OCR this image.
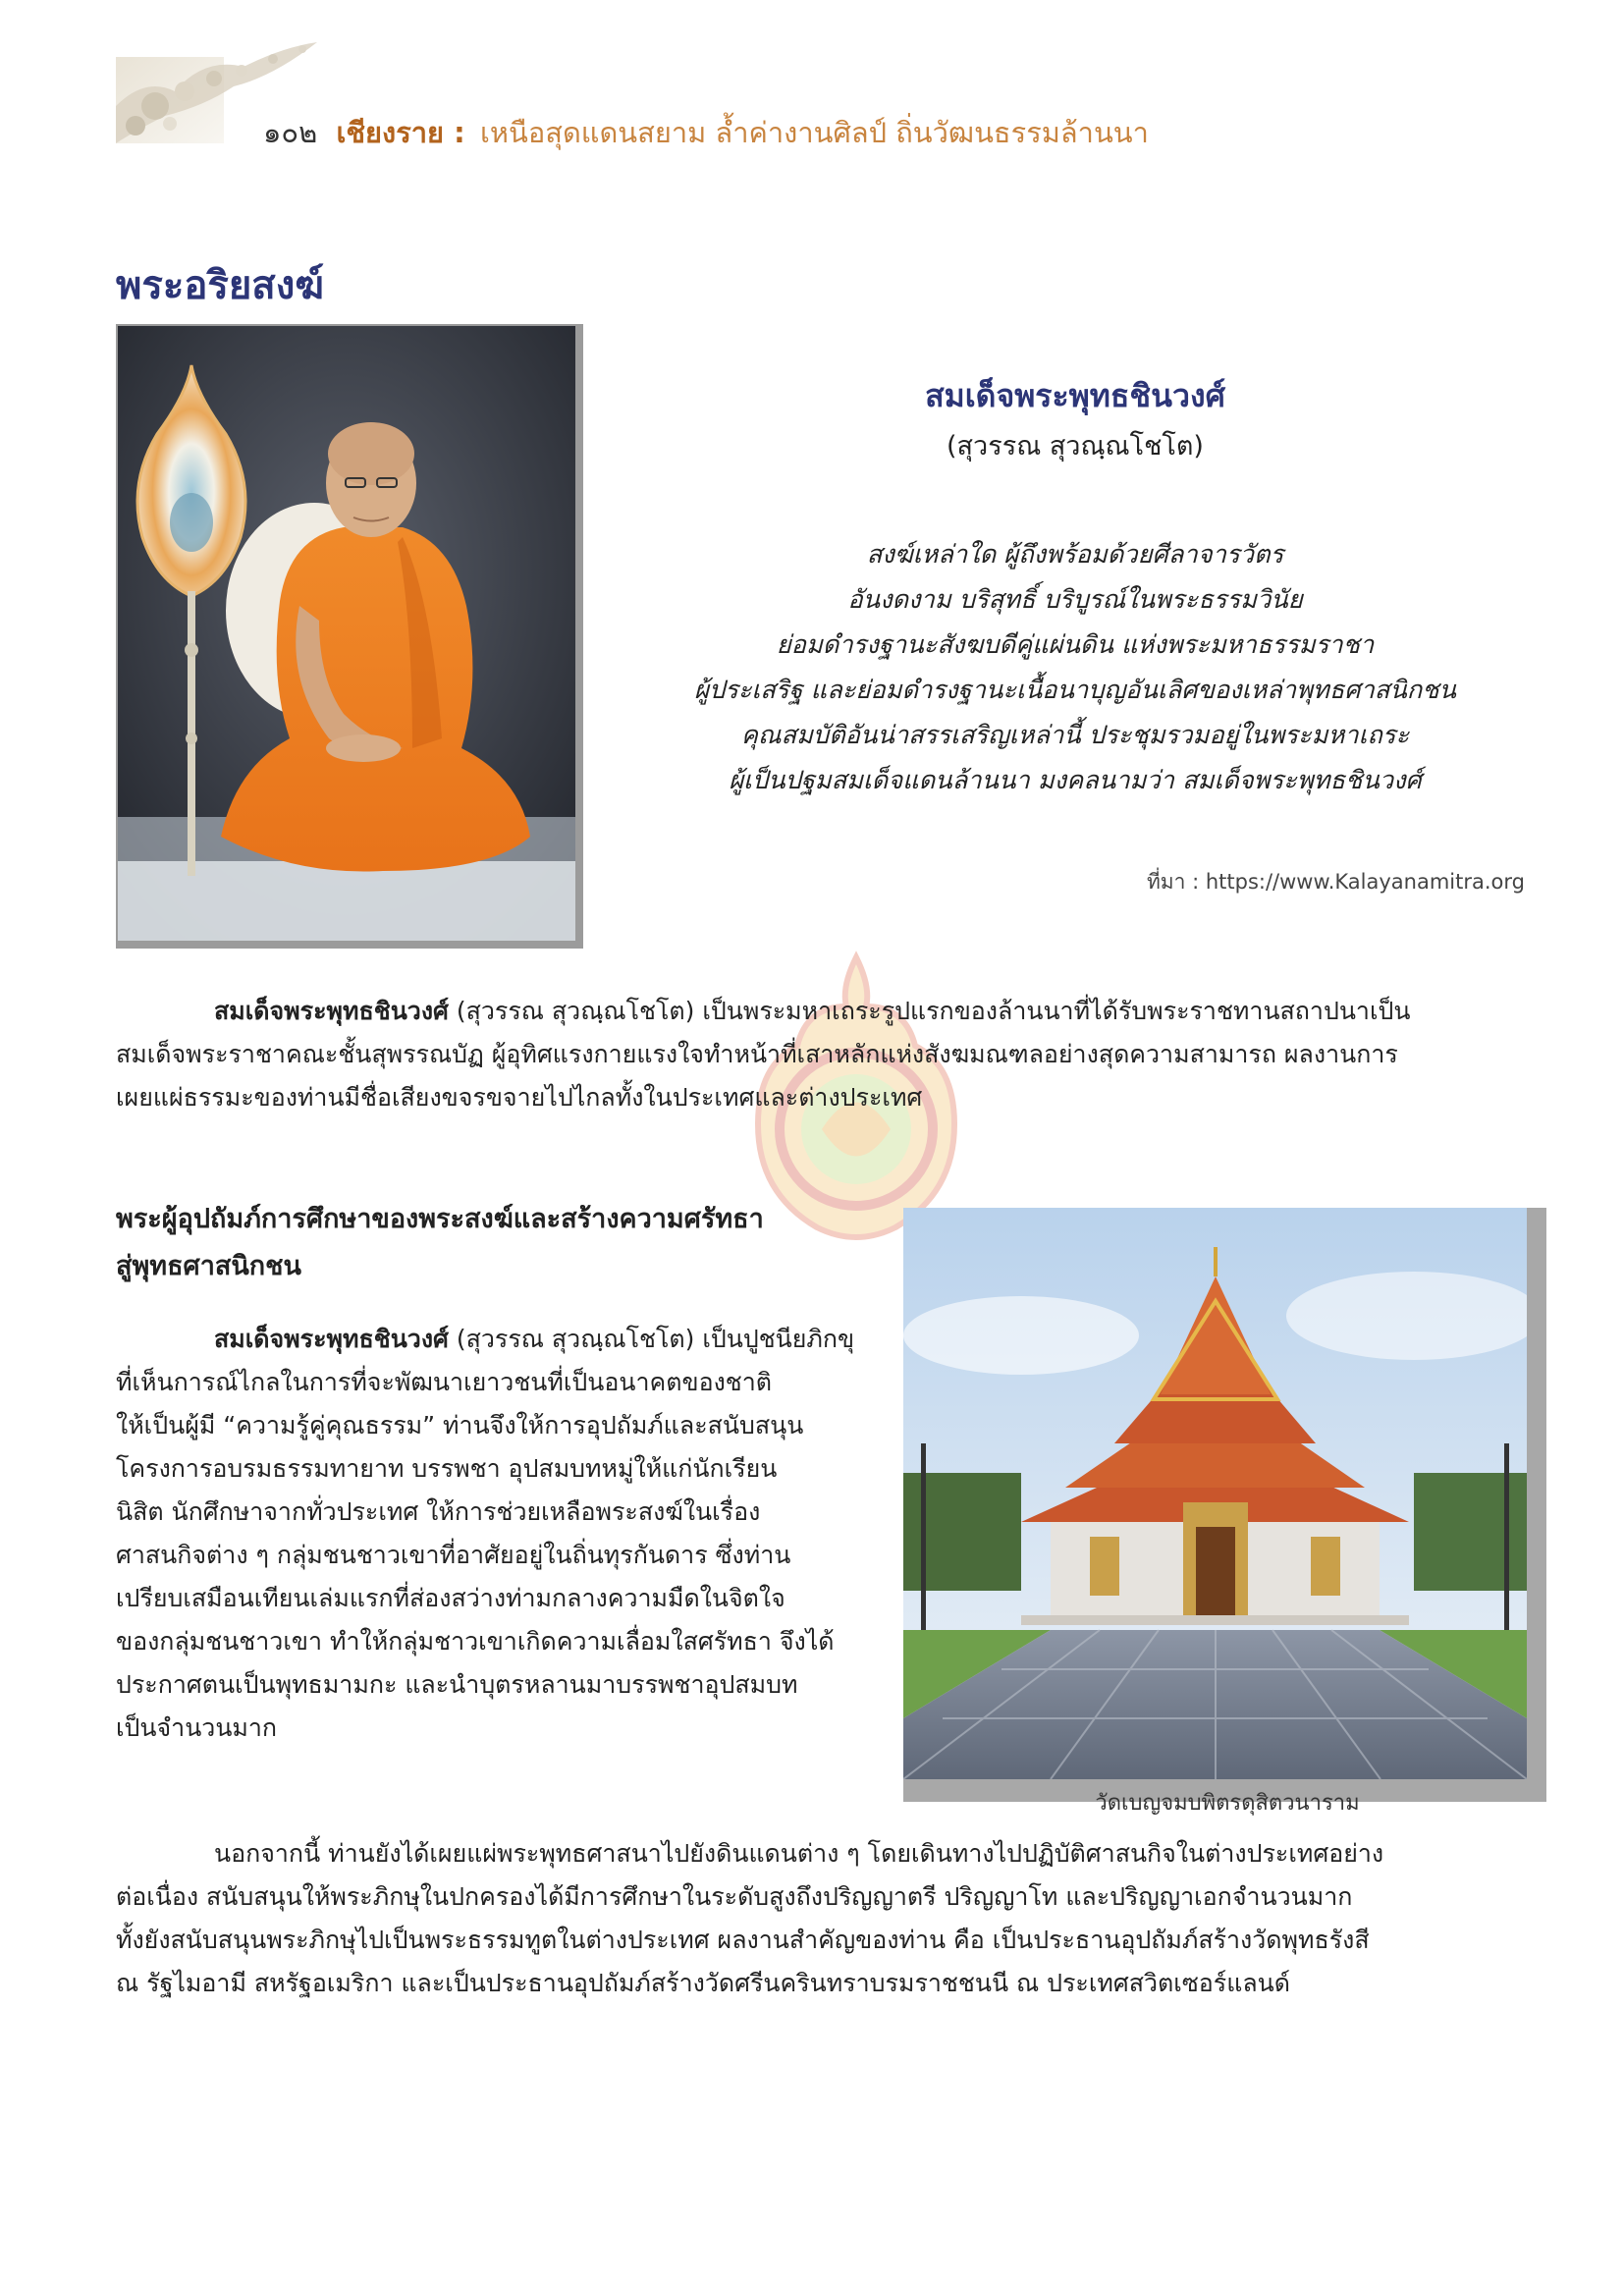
๑๐๒ เชียงราย : เหนือสุดแดนสยาม ล้ำค่างานศิลป์ ถิ่นวัฒนธรรมล้านนา
พระอริยสงฆ์
สมเด็จพระพุทธชินวงศ์
(สุวรรณ สุวณฺณโชโต)
สงฆ์เหล่าใด ผู้ถึงพร้อมด้วยศีลาจารวัตร
อันงดงาม บริสุทธิ์ บริบูรณ์ในพระธรรมวินัย
ย่อมดำรงฐานะสังฆบดีคู่แผ่นดิน แห่งพระมหาธรรมราชา
ผู้ประเสริฐ และย่อมดำรงฐานะเนื้อนาบุญอันเลิศของเหล่าพุทธศาสนิกชน
คุณสมบัติอันน่าสรรเสริญเหล่านี้ ประชุมรวมอยู่ในพระมหาเถระ
ผู้เป็นปฐมสมเด็จแดนล้านนา มงคลนามว่า สมเด็จพระพุทธชินวงศ์
ที่มา : https://www.Kalayanamitra.org
สมเด็จพระพุทธชินวงศ์ (สุวรรณ สุวณฺณโชโต) เป็นพระมหาเถระรูปแรกของล้านนาที่ได้รับพระราชทานสถาปนาเป็น
สมเด็จพระราชาคณะชั้นสุพรรณบัฏ ผู้อุทิศแรงกายแรงใจทำหน้าที่เสาหลักแห่งสังฆมณฑลอย่างสุดความสามารถ ผลงานการ
เผยแผ่ธรรมะของท่านมีชื่อเสียงขจรขจายไปไกลทั้งในประเทศและต่างประเทศ
พระผู้อุปถัมภ์การศึกษาของพระสงฆ์และสร้างความศรัทธา
สู่พุทธศาสนิกชน
สมเด็จพระพุทธชินวงศ์ (สุวรรณ สุวณฺณโชโต) เป็นปูชนียภิกขุ
ที่เห็นการณ์ไกลในการที่จะพัฒนาเยาวชนที่เป็นอนาคตของชาติ
ให้เป็นผู้มี “ความรู้คู่คุณธรรม” ท่านจึงให้การอุปถัมภ์และสนับสนุน
โครงการอบรมธรรมทายาท บรรพชา อุปสมบทหมู่ให้แก่นักเรียน
นิสิต นักศึกษาจากทั่วประเทศ ให้การช่วยเหลือพระสงฆ์ในเรื่อง
ศาสนกิจต่าง ๆ กลุ่มชนชาวเขาที่อาศัยอยู่ในถิ่นทุรกันดาร ซึ่งท่าน
เปรียบเสมือนเทียนเล่มแรกที่ส่องสว่างท่ามกลางความมืดในจิตใจ
ของกลุ่มชนชาวเขา ทำให้กลุ่มชาวเขาเกิดความเลื่อมใสศรัทธา จึงได้
ประกาศตนเป็นพุทธมามกะ และนำบุตรหลานมาบรรพชาอุปสมบท
เป็นจำนวนมาก
วัดเบญจมบพิตรดุสิตวนาราม
นอกจากนี้ ท่านยังได้เผยแผ่พระพุทธศาสนาไปยังดินแดนต่าง ๆ โดยเดินทางไปปฏิบัติศาสนกิจในต่างประเทศอย่าง
ต่อเนื่อง สนับสนุนให้พระภิกษุในปกครองได้มีการศึกษาในระดับสูงถึงปริญญาตรี ปริญญาโท และปริญญาเอกจำนวนมาก
ทั้งยังสนับสนุนพระภิกษุไปเป็นพระธรรมทูตในต่างประเทศ ผลงานสำคัญของท่าน คือ เป็นประธานอุปถัมภ์สร้างวัดพุทธรังสี
ณ รัฐไมอามี สหรัฐอเมริกา และเป็นประธานอุปถัมภ์สร้างวัดศรีนครินทราบรมราชชนนี ณ ประเทศสวิตเซอร์แลนด์
